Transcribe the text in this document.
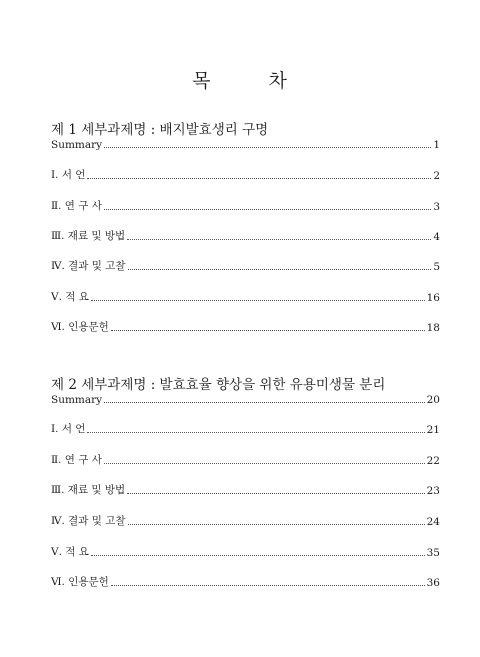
목 차
제 1 세부과제명 : 배지발효생리 구명
Summary	1
Ⅰ. 서 언	2
Ⅱ. 연 구 사	3
Ⅲ. 재료 및 방법	4
Ⅳ. 결과 및 고찰	5
Ⅴ. 적 요	16
Ⅵ. 인용문헌	18
제 2 세부과제명 : 발효효율 향상을 위한 유용미생물 분리
Summary	20
Ⅰ. 서 언	21
Ⅱ. 연 구 사	22
Ⅲ. 재료 및 방법	23
Ⅳ. 결과 및 고찰	24
Ⅴ. 적 요	35
Ⅵ. 인용문헌	36
